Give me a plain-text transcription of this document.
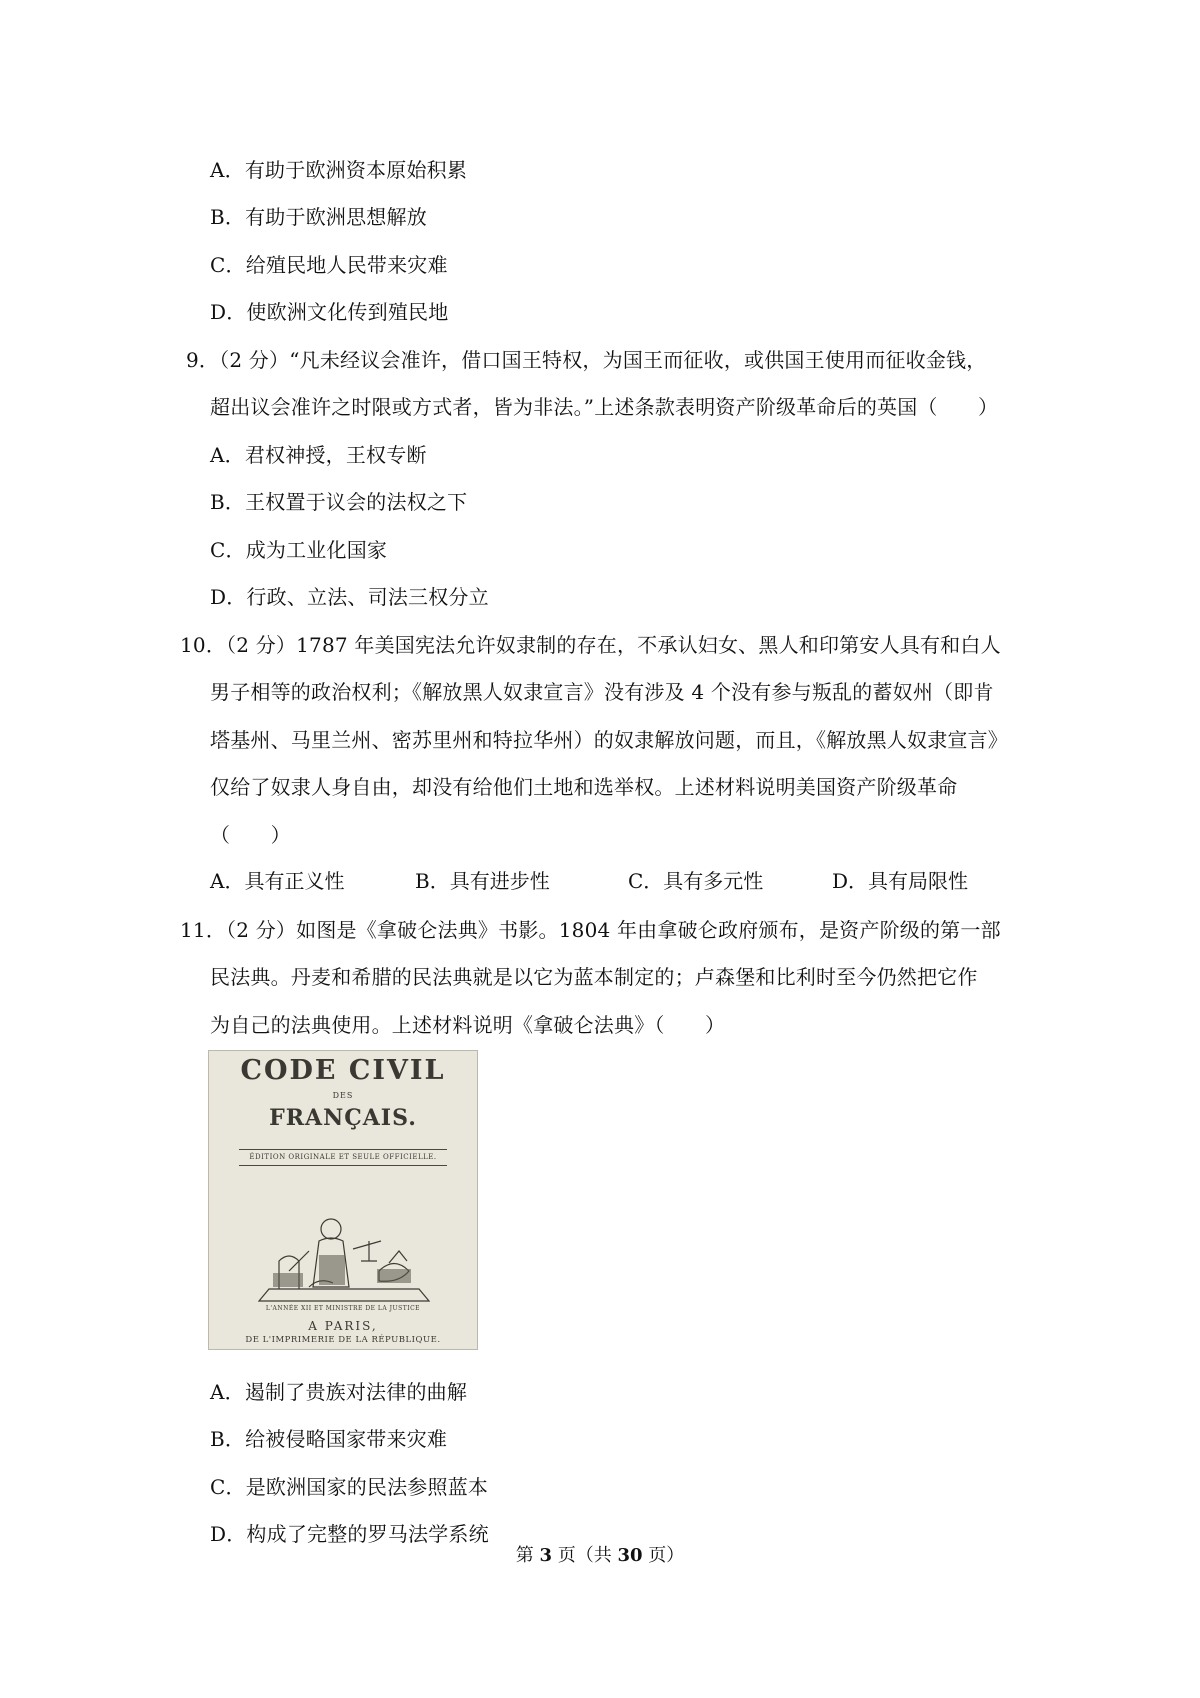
A．有助于欧洲资本原始积累
B．有助于欧洲思想解放
C．给殖民地人民带来灾难
D．使欧洲文化传到殖民地
9．（2 分）“凡未经议会准许，借口国王特权，为国王而征收，或供国王使用而征收金钱，
超出议会准许之时限或方式者，皆为非法。”上述条款表明资产阶级革命后的英国（　　）
A．君权神授，王权专断
B．王权置于议会的法权之下
C．成为工业化国家
D．行政、立法、司法三权分立
10．（2 分）1787 年美国宪法允许奴隶制的存在，不承认妇女、黑人和印第安人具有和白人
男子相等的政治权利；《解放黑人奴隶宣言》没有涉及 4 个没有参与叛乱的蓄奴州（即肯
塔基州、马里兰州、密苏里州和特拉华州）的奴隶解放问题，而且，《解放黑人奴隶宣言》
仅给了奴隶人身自由，却没有给他们土地和选举权。上述材料说明美国资产阶级革命
（　　）
A．具有正义性	B．具有进步性	C．具有多元性	D．具有局限性
11．（2 分）如图是《拿破仑法典》书影。1804 年由拿破仑政府颁布，是资产阶级的第一部
民法典。丹麦和希腊的民法典就是以它为蓝本制定的；卢森堡和比利时至今仍然把它作
为自己的法典使用。上述材料说明《拿破仑法典》（　　）
CODE CIVIL
DES
FRANÇAIS.
ÉDITION ORIGINALE ET SEULE OFFICIELLE.
L'ANNÉE XII ET MINISTRE DE LA JUSTICE
A PARIS,
DE L'IMPRIMERIE DE LA RÉPUBLIQUE.
A．遏制了贵族对法律的曲解
B．给被侵略国家带来灾难
C．是欧洲国家的民法参照蓝本
D．构成了完整的罗马法学系统
第 3 页（共 30 页）
